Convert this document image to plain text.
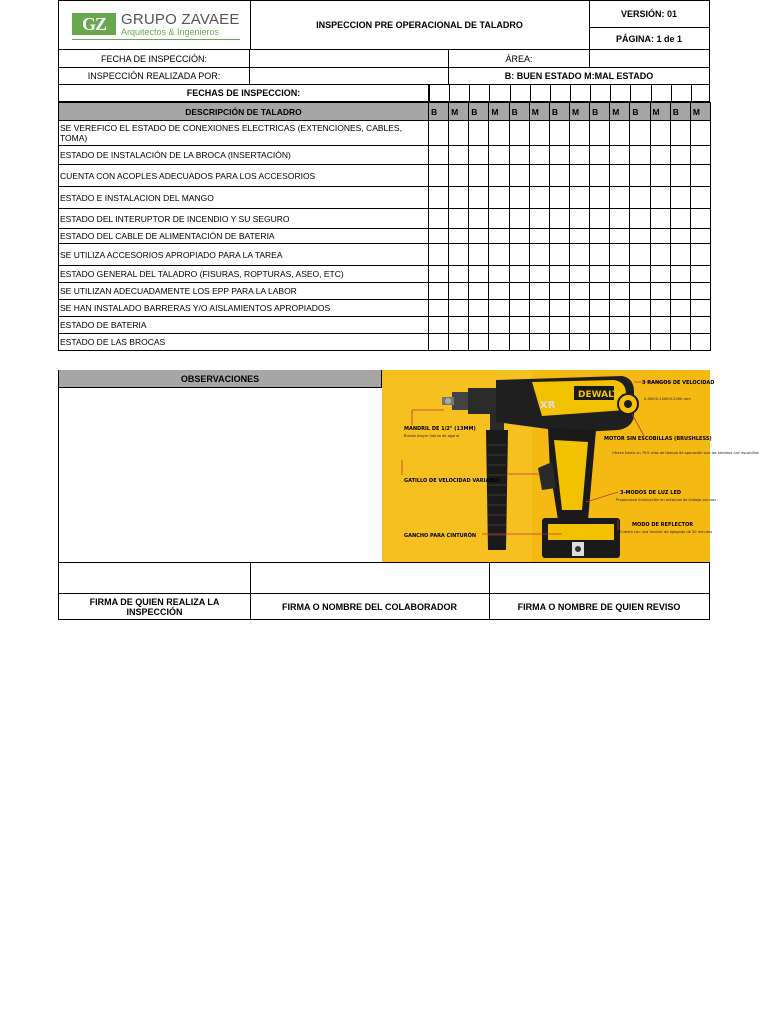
GZ	GRUPO ZAVAEE
Arquitectos & Ingenieros
INSPECCION PRE OPERACIONAL DE TALADRO
VERSIÓN: 01
PÁGINA: 1 de 1
FECHA DE INSPECCIÓN:	ÁREA:
INSPECCIÓN REALIZADA POR:	B: BUEN ESTADO M:MAL ESTADO
FECHAS DE INSPECCION:
DESCRIPCIÓN DE TALADRO	B	M	B	M	B	M	B	M	B	M	B	M	B	M
SE VEREFICO EL ESTADO DE CONEXIONES ELECTRICAS (EXTENCIONES, CABLES, TOMA)														
ESTADO DE INSTALACIÓN DE LA BROCA (INSERTACIÓN)														
CUENTA CON ACOPLES ADECUADOS PARA LOS ACCESORIOS														
ESTADO E INSTALACION DEL MANGO														
ESTADO DEL INTERUPTOR DE INCENDIO Y SU SEGURO														
ESTADO DEL CABLE DE ALIMENTACIÓN DE BATERIA														
SE UTILIZA ACCESORIOS APROPIADO PARA LA TAREA														
ESTADO GENERAL DEL TALADRO (FISURAS, ROPTURAS, ASEO, ETC)														
SE UTILIZAN ADECUADAMENTE LOS EPP PARA LA LABOR														
SE HAN INSTALADO BARRERAS Y/O AISLAMIENTOS APROPIADOS														
ESTADO DE BATERIA														
ESTADO DE LAS BROCAS														
OBSERVACIONES
DEWALT
XR
3 RANGOS DE VELOCIDAD
0-450/0-1300/0-2000 rpm
MANDRIL DE 1/2" (13MM)
Brinda mayor fuerza de agarre	MOTOR SIN ESCOBILLAS (BRUSHLESS)
Ofrece hasta un 75% más de tiempo de operación que los taladros con escobillas
GATILLO DE VELOCIDAD VARIABLE
3-MODOS DE LUZ LED
Proporciona iluminación en entornos de trabajo oscuros
GANCHO PARA CINTURÓN
MODO DE REFLECTOR
Cuenta con una función de apagado de 20 minutos
FIRMA DE QUIEN REALIZA LA INSPECCIÓN	FIRMA O NOMBRE DEL COLABORADOR	FIRMA O NOMBRE DE QUIEN REVISO
